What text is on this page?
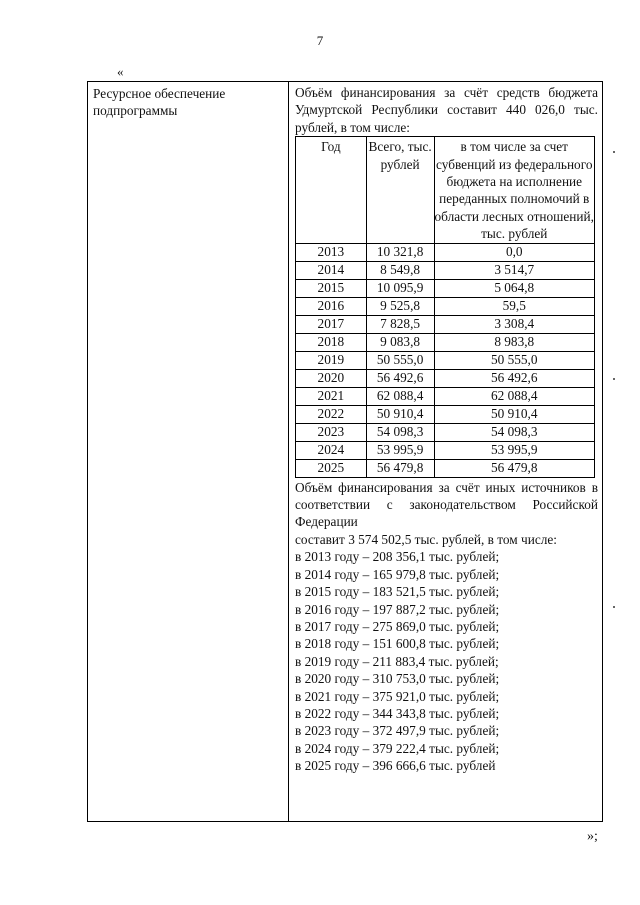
7
«
Ресурсное обеспечение подпрограммы
Объём финансирования за счёт средств бюджета Удмуртской Республики составит 440 026,0 тыс. рублей, в том числе:
Год	Всего, тыс. рублей	в том числе за счет субвенций из федерального бюджета на исполнение переданных полномочий в области лесных отношений, тыс. рублей
2013	10 321,8	0,0
2014	8 549,8	3 514,7
2015	10 095,9	5 064,8
2016	9 525,8	59,5
2017	7 828,5	3 308,4
2018	9 083,8	8 983,8
2019	50 555,0	50 555,0
2020	56 492,6	56 492,6
2021	62 088,4	62 088,4
2022	50 910,4	50 910,4
2023	54 098,3	54 098,3
2024	53 995,9	53 995,9
2025	56 479,8	56 479,8
Объём финансирования за счёт иных источников в соответствии с законодательством Российской Федерации
составит 3 574 502,5 тыс. рублей, в том числе:
в 2013 году – 208 356,1 тыс. рублей;
в 2014 году – 165 979,8 тыс. рублей;
в 2015 году – 183 521,5 тыс. рублей;
в 2016 году – 197 887,2 тыс. рублей;
в 2017 году – 275 869,0 тыс. рублей;
в 2018 году – 151 600,8 тыс. рублей;
в 2019 году – 211 883,4 тыс. рублей;
в 2020 году – 310 753,0 тыс. рублей;
в 2021 году – 375 921,0 тыс. рублей;
в 2022 году – 344 343,8 тыс. рублей;
в 2023 году – 372 497,9 тыс. рублей;
в 2024 году – 379 222,4 тыс. рублей;
в 2025 году – 396 666,6 тыс. рублей
»;
